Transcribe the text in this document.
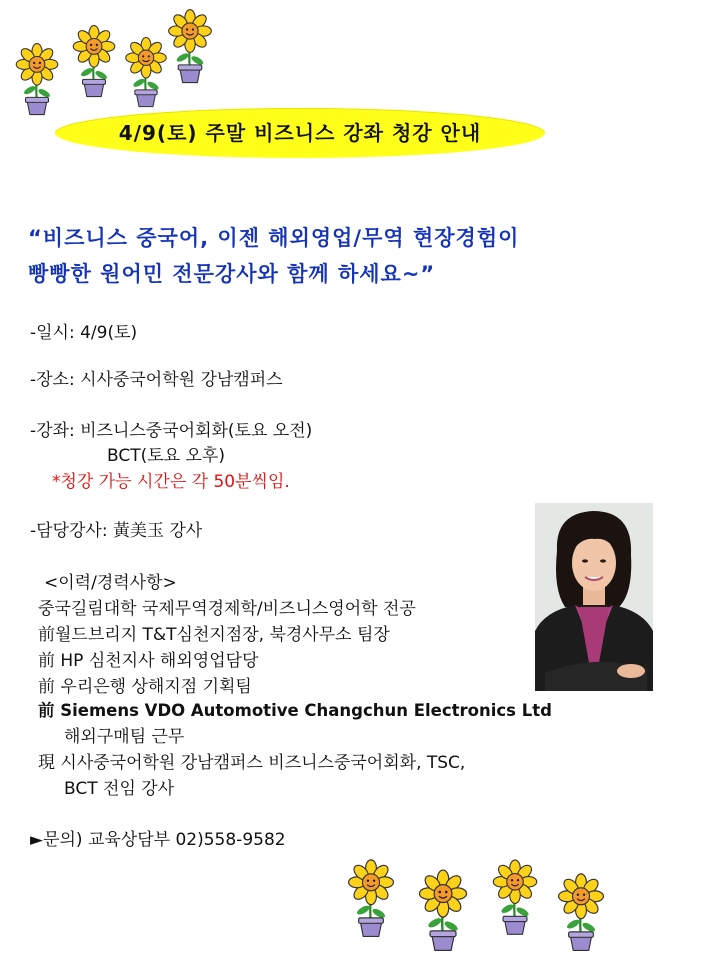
4/9(토) 주말 비즈니스 강좌 청강 안내
“비즈니스 중국어, 이젠 해외영업/무역 현장경험이
빵빵한 원어민 전문강사와 함께 하세요~”
-일시: 4/9(토)
-장소: 시사중국어학원 강남캠퍼스
-강좌: 비즈니스중국어회화(토요 오전)
BCT(토요 오후)
*청강 가능 시간은 각 50분씩임.
-담당강사: 黃美玉 강사
<이력/경력사항>
중국길림대학 국제무역경제학/비즈니스영어학 전공
前월드브리지 T&T심천지점장, 북경사무소 팀장
前 HP 심천지사 해외영업담당
前 우리은행 상해지점 기획팀
前 Siemens VDO Automotive Changchun Electronics Ltd
해외구매팀 근무
現 시사중국어학원 강남캠퍼스 비즈니스중국어회화, TSC,
BCT 전임 강사
►문의) 교육상담부 02)558-9582
